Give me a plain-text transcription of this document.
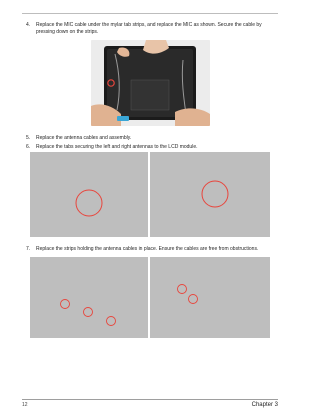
4.	Replace the MIC cable under the mylar tab strips, and replace the MIC as shown. Secure the cable by pressing down on the strips.
5.	Replace the antenna cables and assembly.
6.	Replace the tabs securing the left and right antennas to the LCD module.
7.	Replace the strips holding the antenna cables in place. Ensure the cables are free from obstructions.
12	Chapter 3
